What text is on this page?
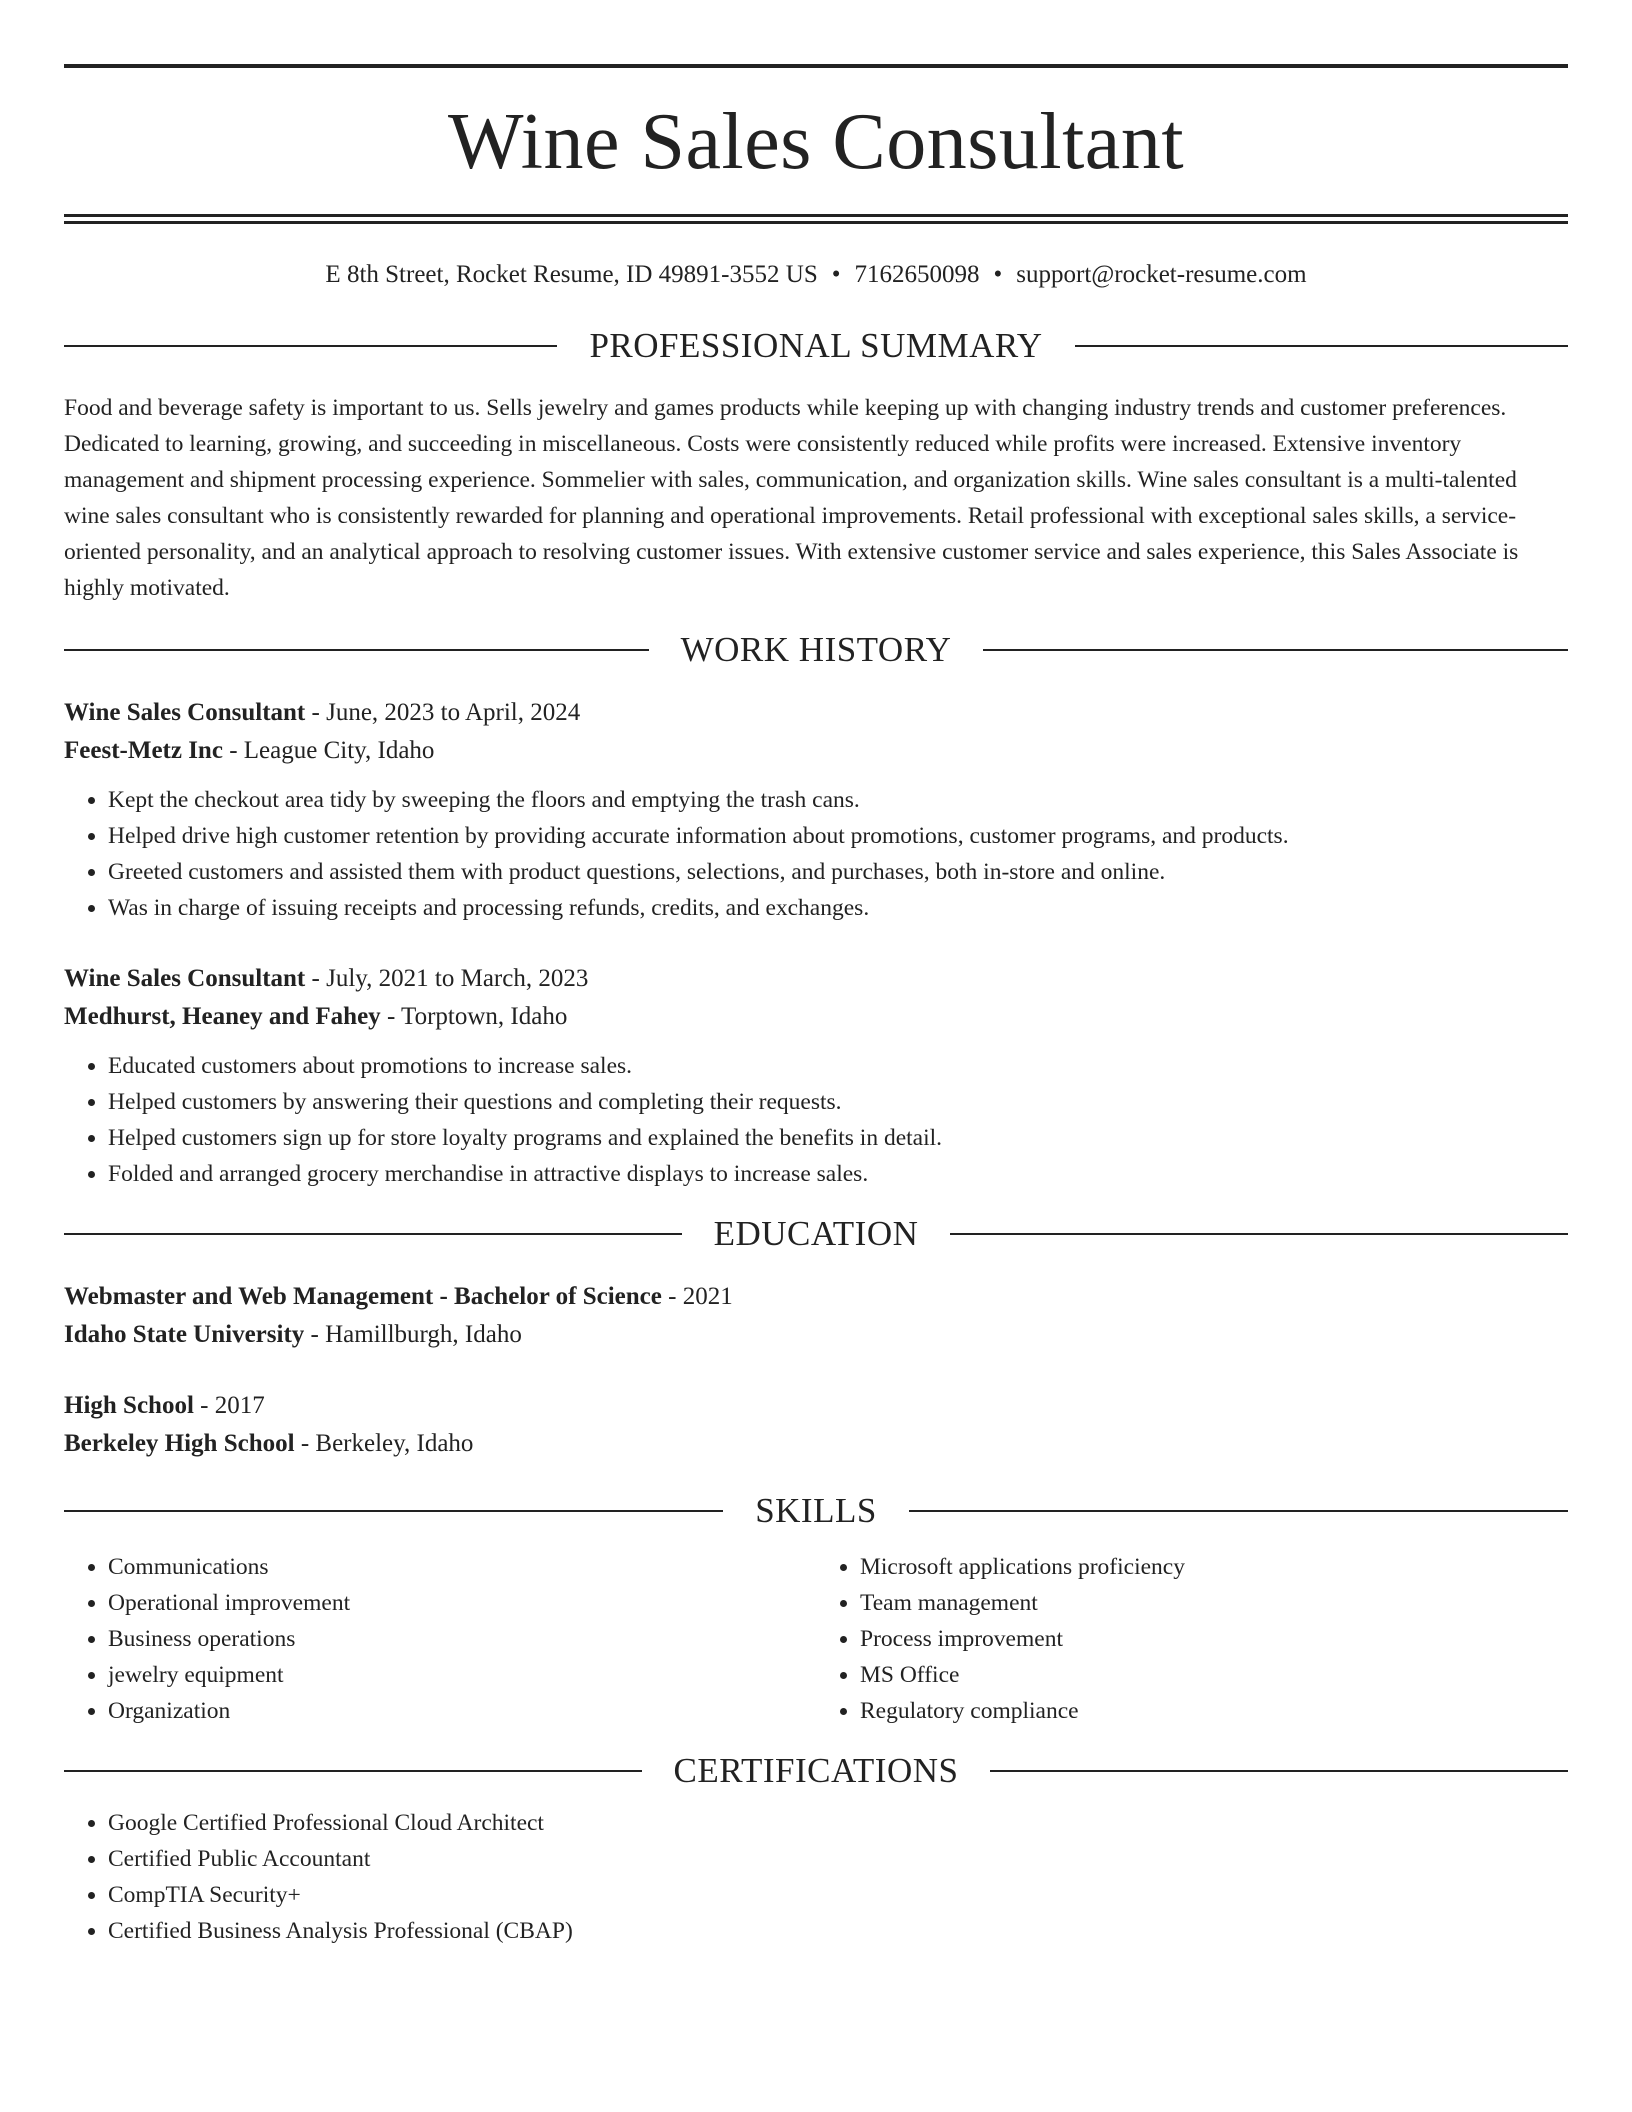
Wine Sales Consultant
E 8th Street, Rocket Resume, ID 49891-3552 US • 7162650098 • support@rocket-resume.com
PROFESSIONAL SUMMARY

Food and beverage safety is important to us. Sells jewelry and games products while keeping up with changing industry trends and customer preferences. Dedicated to learning, growing, and succeeding in miscellaneous. Costs were consistently reduced while profits were increased. Extensive inventory management and shipment processing experience. Sommelier with sales, communication, and organization skills. Wine sales consultant is a multi-talented wine sales consultant who is consistently rewarded for planning and operational improvements. Retail professional with exceptional sales skills, a service-oriented personality, and an analytical approach to resolving customer issues. With extensive customer service and sales experience, this Sales Associate is highly motivated.

WORK HISTORY
Wine Sales Consultant - June, 2023 to April, 2024
Feest-Metz Inc - League City, Idaho
• Kept the checkout area tidy by sweeping the floors and emptying the trash cans.
• Helped drive high customer retention by providing accurate information about promotions, customer programs, and products.
• Greeted customers and assisted them with product questions, selections, and purchases, both in-store and online.
• Was in charge of issuing receipts and processing refunds, credits, and exchanges.
Wine Sales Consultant - July, 2021 to March, 2023
Medhurst, Heaney and Fahey - Torptown, Idaho
• Educated customers about promotions to increase sales.
• Helped customers by answering their questions and completing their requests.
• Helped customers sign up for store loyalty programs and explained the benefits in detail.
• Folded and arranged grocery merchandise in attractive displays to increase sales.
EDUCATION
Webmaster and Web Management - Bachelor of Science - 2021
Idaho State University - Hamillburgh, Idaho
High School - 2017
Berkeley High School - Berkeley, Idaho
SKILLS
• Communications
• Operational improvement
• Business operations
• jewelry equipment
• Organization
• Microsoft applications proficiency
• Team management
• Process improvement
• MS Office
• Regulatory compliance
CERTIFICATIONS
• Google Certified Professional Cloud Architect
• Certified Public Accountant
• CompTIA Security+
• Certified Business Analysis Professional (CBAP)
